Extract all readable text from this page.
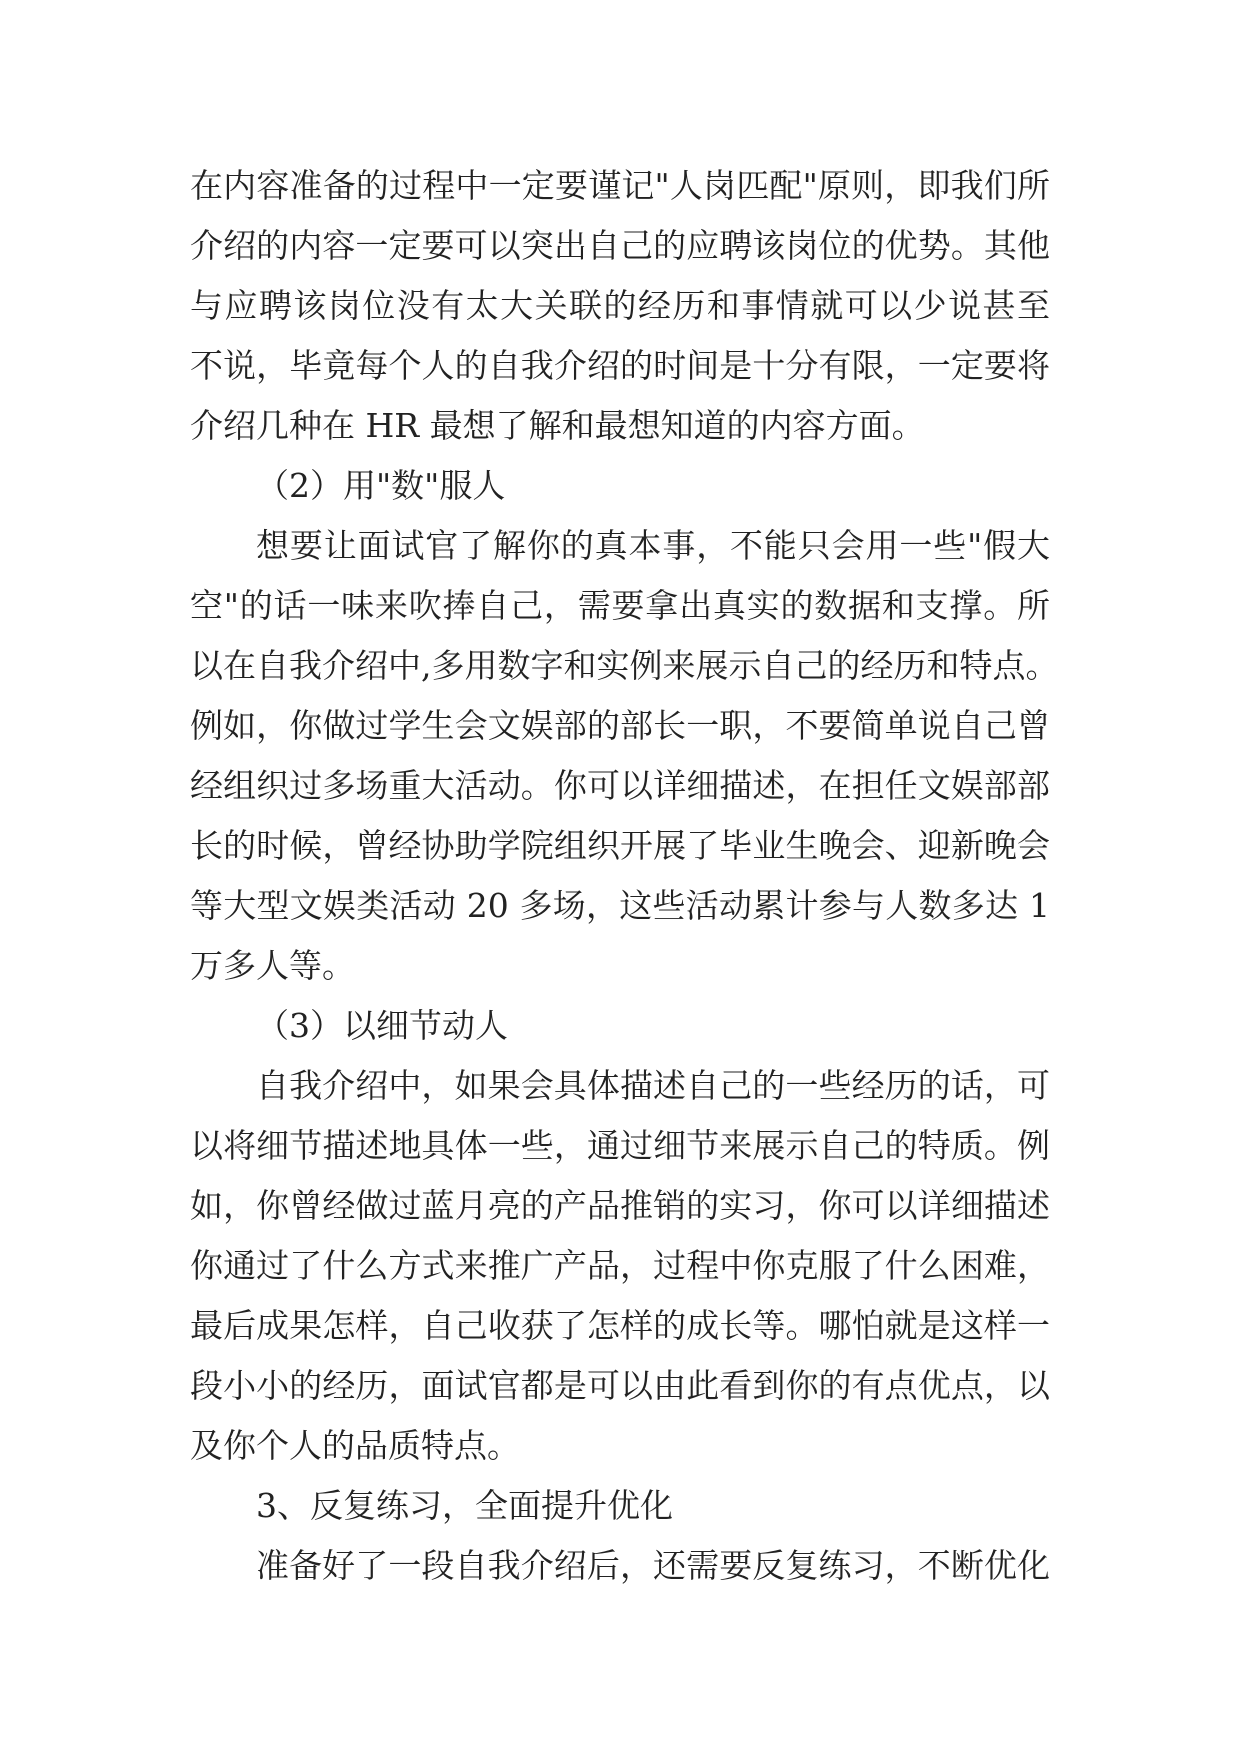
在内容准备的过程中一定要谨记"人岗匹配"原则，即我们所
介绍的内容一定要可以突出自己的应聘该岗位的优势。其他
与应聘该岗位没有太大关联的经历和事情就可以少说甚至
不说，毕竟每个人的自我介绍的时间是十分有限，一定要将
介绍几种在 HR 最想了解和最想知道的内容方面。
（2）用"数"服人
想要让面试官了解你的真本事，不能只会用一些"假大
空"的话一味来吹捧自己，需要拿出真实的数据和支撑。所
以在自我介绍中,多用数字和实例来展示自己的经历和特点。
例如，你做过学生会文娱部的部长一职，不要简单说自己曾
经组织过多场重大活动。你可以详细描述，在担任文娱部部
长的时候，曾经协助学院组织开展了毕业生晚会、迎新晚会
等大型文娱类活动 20 多场，这些活动累计参与人数多达 1
万多人等。
（3）以细节动人
自我介绍中，如果会具体描述自己的一些经历的话，可
以将细节描述地具体一些，通过细节来展示自己的特质。例
如，你曾经做过蓝月亮的产品推销的实习，你可以详细描述
你通过了什么方式来推广产品，过程中你克服了什么困难，
最后成果怎样，自己收获了怎样的成长等。哪怕就是这样一
段小小的经历，面试官都是可以由此看到你的有点优点，以
及你个人的品质特点。
3、反复练习，全面提升优化
准备好了一段自我介绍后，还需要反复练习，不断优化
